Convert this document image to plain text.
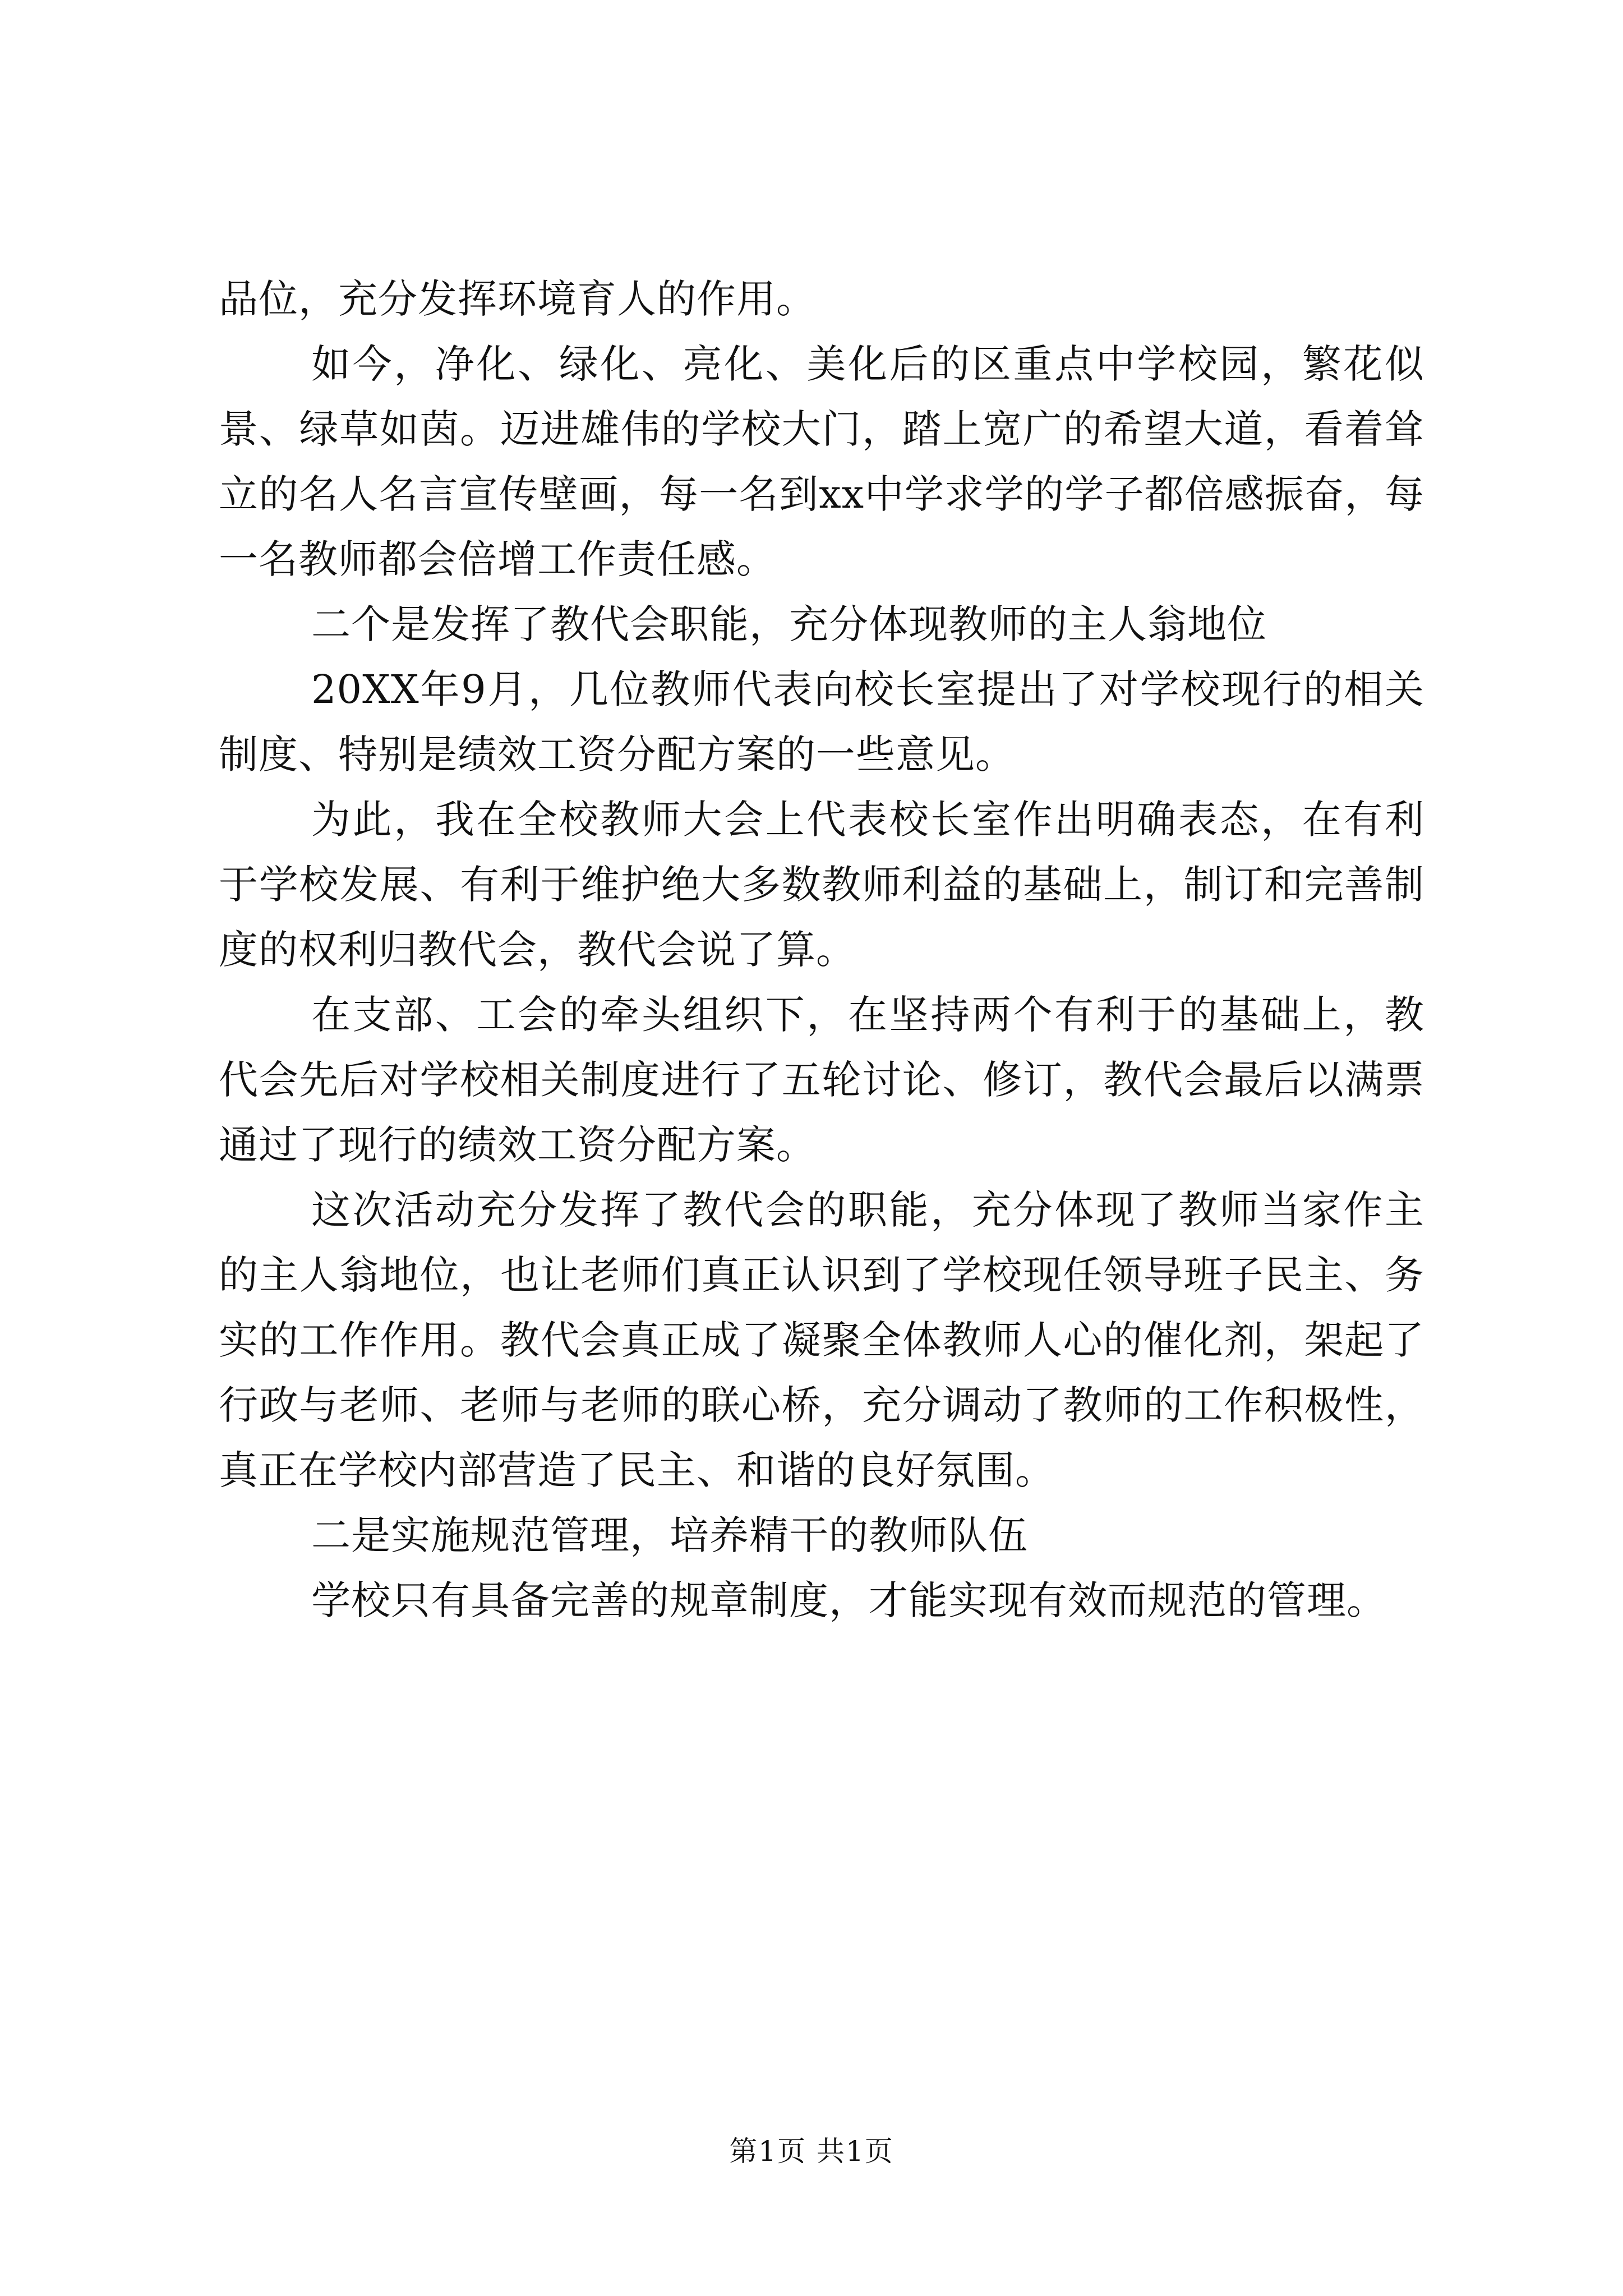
品位，充分发挥环境育人的作用。

如今，净化、绿化、亮化、美化后的区重点中学校园，繁花似景、绿草如茵。迈进雄伟的学校大门，踏上宽广的希望大道，看着耸立的名人名言宣传壁画，每一名到xx中学求学的学子都倍感振奋，每一名教师都会倍增工作责任感。

二个是发挥了教代会职能，充分体现教师的主人翁地位

20XX年9月，几位教师代表向校长室提出了对学校现行的相关制度、特别是绩效工资分配方案的一些意见。

为此，我在全校教师大会上代表校长室作出明确表态，在有利于学校发展、有利于维护绝大多数教师利益的基础上，制订和完善制度的权利归教代会，教代会说了算。

在支部、工会的牵头组织下，在坚持两个有利于的基础上，教代会先后对学校相关制度进行了五轮讨论、修订，教代会最后以满票通过了现行的绩效工资分配方案。

这次活动充分发挥了教代会的职能，充分体现了教师当家作主的主人翁地位，也让老师们真正认识到了学校现任领导班子民主、务实的工作作用。教代会真正成了凝聚全体教师人心的催化剂，架起了行政与老师、老师与老师的联心桥，充分调动了教师的工作积极性，真正在学校内部营造了民主、和谐的良好氛围。

二是实施规范管理，培养精干的教师队伍

学校只有具备完善的规章制度，才能实现有效而规范的管理。

第1页 共1页
